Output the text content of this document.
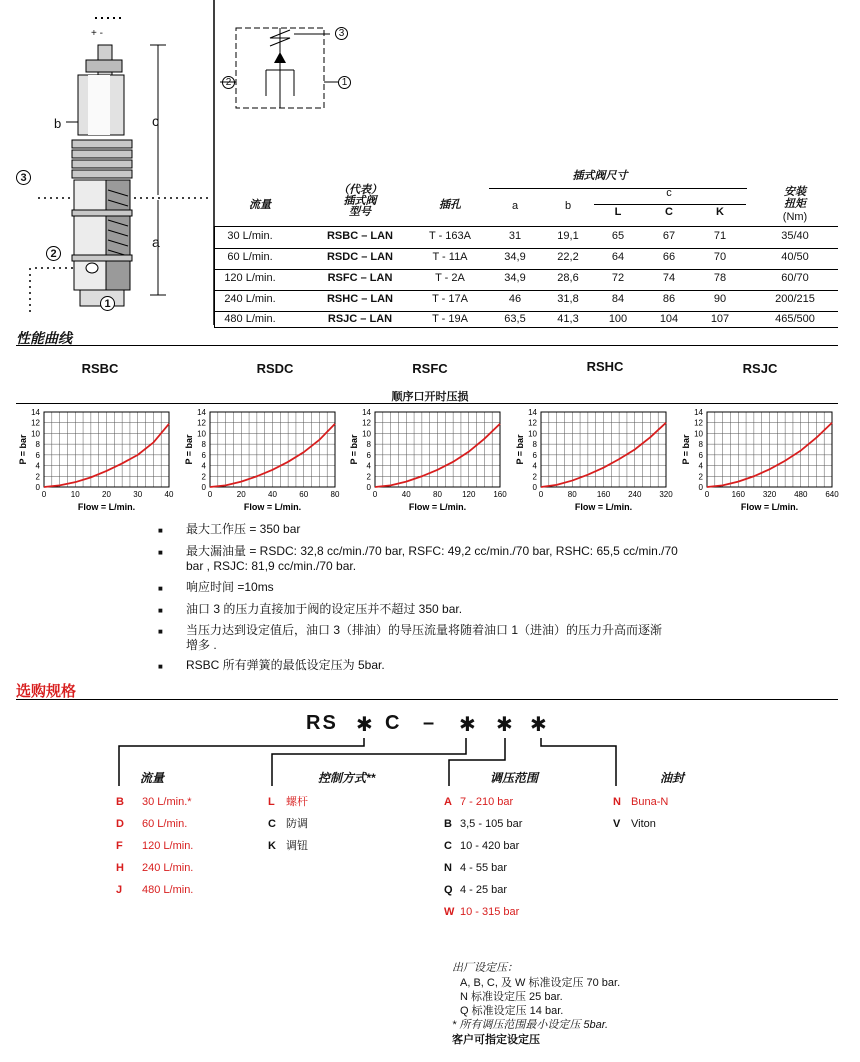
b	c
a
3
2
1
+ -	3
2	1
流量
（代表）
插式阀
型号
插孔
插式阀尺寸
a	b
c
L	C	K
安装
扭矩
(Nm)
30 L/min.	RSBC – LAN	T - 163A	31	19,1	65	67	71	35/40
60 L/min.	RSDC – LAN	T - 11A	34,9	22,2	64	66	70	40/50
120 L/min.	RSFC – LAN	T - 2A	34,9	28,6	72	74	78	60/70
240 L/min.	RSHC – LAN	T - 17A	46	31,8	84	86	90	200/215
480 L/min.	RSJC – LAN	T - 19A	63,5	41,3	100	104	107	465/500
性能曲线
顺序口开时压损
RSBC	RSDC	RSFC	RSHC	RSJC
0
2
4
6
8
10
12
14
0	10	20	30	40
P = bar
Flow = L/min.
0
2
4
6
8
10
12
14
0	20	40	60	80
P = bar
Flow = L/min.
0
2
4
6
8
10
12
14
0	40	80	120 160
P = bar
Flow = L/min.
0
2
4
6
8
10
12
14
0	80	160 240 320
P = bar
Flow = L/min.
0
2
4
6
8
10
12
14
0	160 320 480 640
P = bar
Flow = L/min.
■ 最大工作压 = 350 bar
■ 最大漏油量 = RSDC: 32,8 cc/min./70 bar, RSFC: 49,2 cc/min./70 bar, RSHC: 65,5 cc/min./70
bar , RSJC: 81,9 cc/min./70 bar.
■ 响应时间 =10ms
■ 油口 3 的压力直接加于阀的设定压并不超过 350 bar.
■ 当压力达到设定值后，油口 3（排油）的导压流量将随着油口 1（进油）的压力升高而逐渐
增多 .
■ RSBC 所有弹簧的最低设定压为 5bar.
选购规格
RS ✱ C – ✱ ✱ ✱
流量	控制方式**	调压范围	油封
B 30 L/min.*
D 60 L/min.
F 120 L/min.
H 240 L/min.
J 480 L/min.
L 螺杆
C 防调
K 调钮
A 7 - 210 bar
B 3,5 - 105 bar
C 10 - 420 bar
N 4 - 55 bar
Q 4 - 25 bar
W 10 - 315 bar
N Buna-N
V Viton
出厂设定压：
A, B, C, 及 W 标准设定压 70 bar.
N 标准设定压 25 bar.
Q 标准设定压 14 bar.
* 所有调压范围最小设定压 5bar.
客户可指定设定压
